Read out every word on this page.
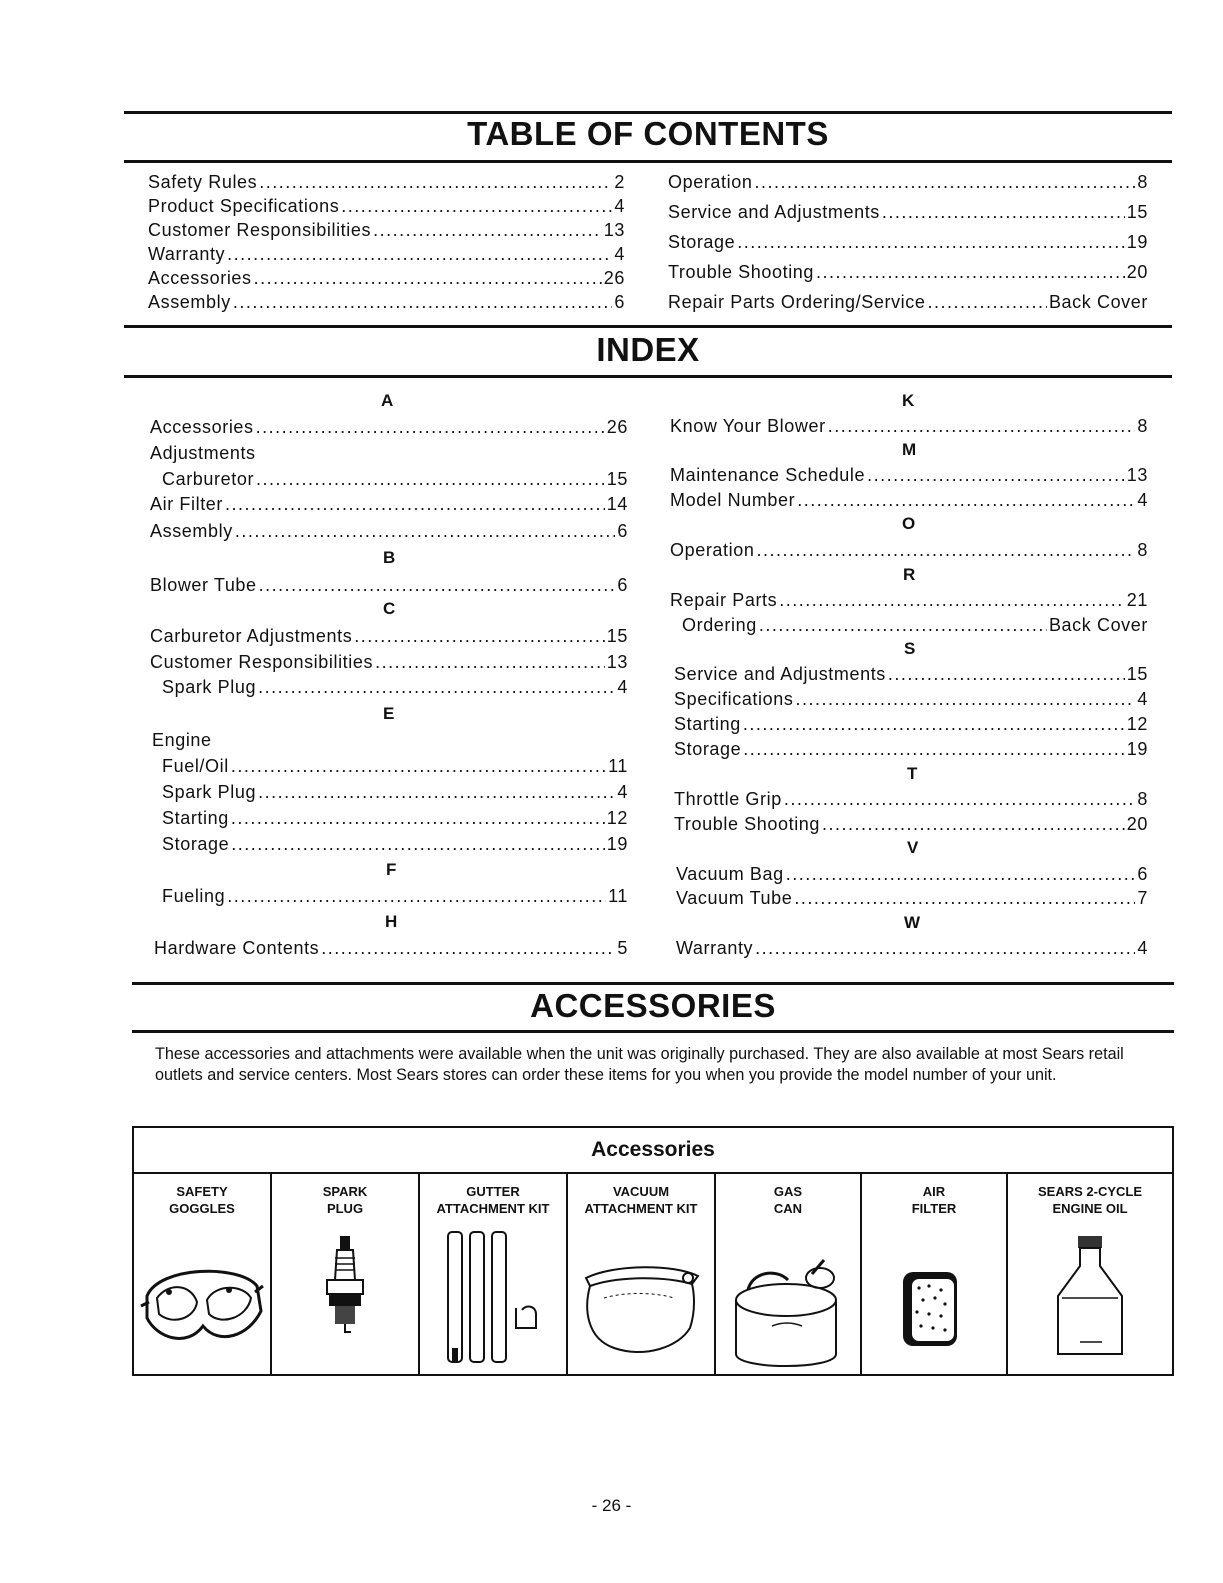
TABLE OF CONTENTS
Safety Rules .....	2
Product Specifications .....	4
Customer Responsibilities .....	13
Warranty .....	4
Accessories .....	26
Assembly .....	6
Operation .....	8
Service and Adjustments .....	15
Storage .....	19
Trouble Shooting .....	20
Repair Parts Ordering/Service .....	Back Cover
INDEX
A
Accessories .....	26
Adjustments
Carburetor .....	15
Air Filter .....	14
Assembly .....	6
B
Blower Tube .....	6
C
Carburetor Adjustments .....	15
Customer Responsibilities .....	13
Spark Plug .....	4
E
Engine
Fuel/Oil .....	11
Spark Plug .....	4
Starting .....	12
Storage .....	19
F
Fueling .....	11
H
Hardware Contents .....	5
K
Know Your Blower .....	8
M
Maintenance Schedule .....	13
Model Number .....	4
O
Operation .....	8
R
Repair Parts .....	21
Ordering .....	Back Cover
S
Service and Adjustments .....	15
Specifications .....	4
Starting .....	12
Storage .....	19
T
Throttle Grip .....	8
Trouble Shooting .....	20
V
Vacuum Bag .....	6
Vacuum Tube .....	7
W
Warranty .....	4
ACCESSORIES
These accessories and attachments were available when the unit was originally purchased. They are also available at most Sears retail outlets and service centers. Most Sears stores can order these items for you when you provide the model number of your unit.
Accessories
SAFETY
GOGGLES
SPARK
PLUG
GUTTER
ATTACHMENT KIT
VACUUM
ATTACHMENT KIT
GAS
CAN
AIR
FILTER
SEARS 2-CYCLE
ENGINE OIL
- 26 -
